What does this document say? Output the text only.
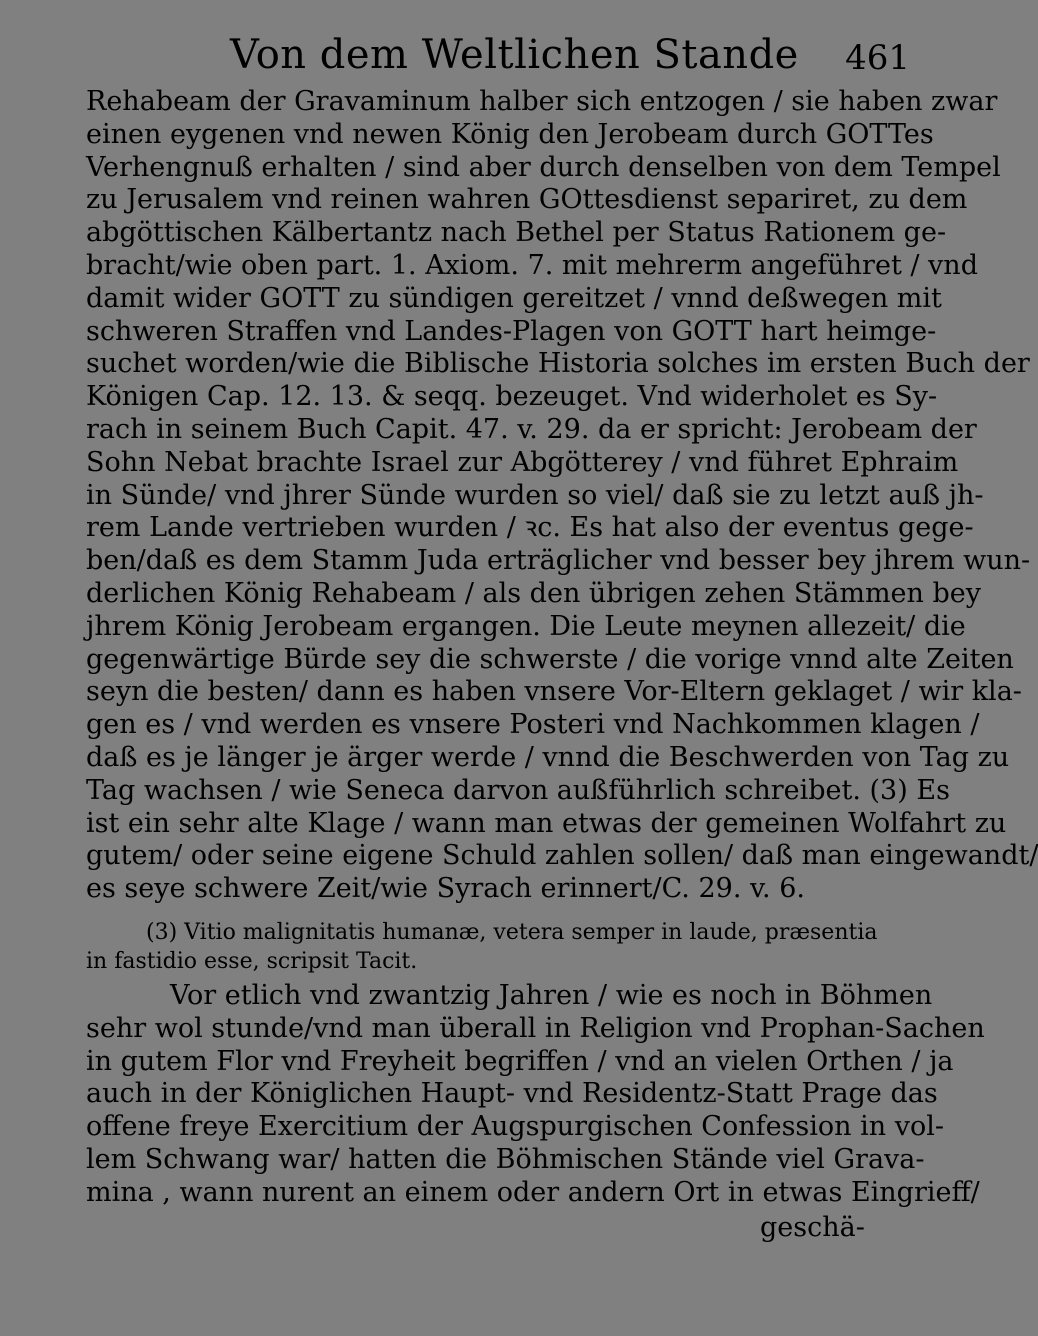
Von dem Weltlichen Stande 461
Rehabeam der Gravaminum halber sich entzogen / sie haben zwar
einen eygenen vnd newen König den Jerobeam durch GOTTes
Verhengnuß erhalten / sind aber durch denselben von dem Tempel
zu Jerusalem vnd reinen wahren GOttesdienst separiret, zu dem
abgöttischen Kälbertantz nach Bethel per Status Rationem ge-
bracht/wie oben part. 1. Axiom. 7. mit mehrerm angeführet / vnd
damit wider GOTT zu sündigen gereitzet / vnnd deßwegen mit
schweren Straffen vnd Landes-Plagen von GOTT hart heimge-
suchet worden/wie die Biblische Historia solches im ersten Buch der
Königen Cap. 12. 13. & seqq. bezeuget. Vnd widerholet es Sy-
rach in seinem Buch Capit. 47. v. 29. da er spricht: Jerobeam der
Sohn Nebat brachte Israel zur Abgötterey / vnd führet Ephraim
in Sünde/ vnd jhrer Sünde wurden so viel/ daß sie zu letzt auß jh-
rem Lande vertrieben wurden / ꝛc. Es hat also der eventus gege-
ben/daß es dem Stamm Juda erträglicher vnd besser bey jhrem wun-
derlichen König Rehabeam / als den übrigen zehen Stämmen bey
jhrem König Jerobeam ergangen. Die Leute meynen allezeit/ die
gegenwärtige Bürde sey die schwerste / die vorige vnnd alte Zeiten
seyn die besten/ dann es haben vnsere Vor-Eltern geklaget / wir kla-
gen es / vnd werden es vnsere Posteri vnd Nachkommen klagen /
daß es je länger je ärger werde / vnnd die Beschwerden von Tag zu
Tag wachsen / wie Seneca darvon außführlich schreibet. (3) Es
ist ein sehr alte Klage / wann man etwas der gemeinen Wolfahrt zu
gutem/ oder seine eigene Schuld zahlen sollen/ daß man eingewandt/
es seye schwere Zeit/wie Syrach erinnert/C. 29. v. 6.
(3) Vitio malignitatis humanæ, vetera semper in laude, præsentia
in fastidio esse, scripsit Tacit.
Vor etlich vnd zwantzig Jahren / wie es noch in Böhmen
sehr wol stunde/vnd man überall in Religion vnd Prophan-Sachen
in gutem Flor vnd Freyheit begriffen / vnd an vielen Orthen / ja
auch in der Königlichen Haupt- vnd Residentz-Statt Prage das
offene freye Exercitium der Augspurgischen Confession in vol-
lem Schwang war/ hatten die Böhmischen Stände viel Grava-
mina , wann nurent an einem oder andern Ort in etwas Eingrieff/
geschä-
